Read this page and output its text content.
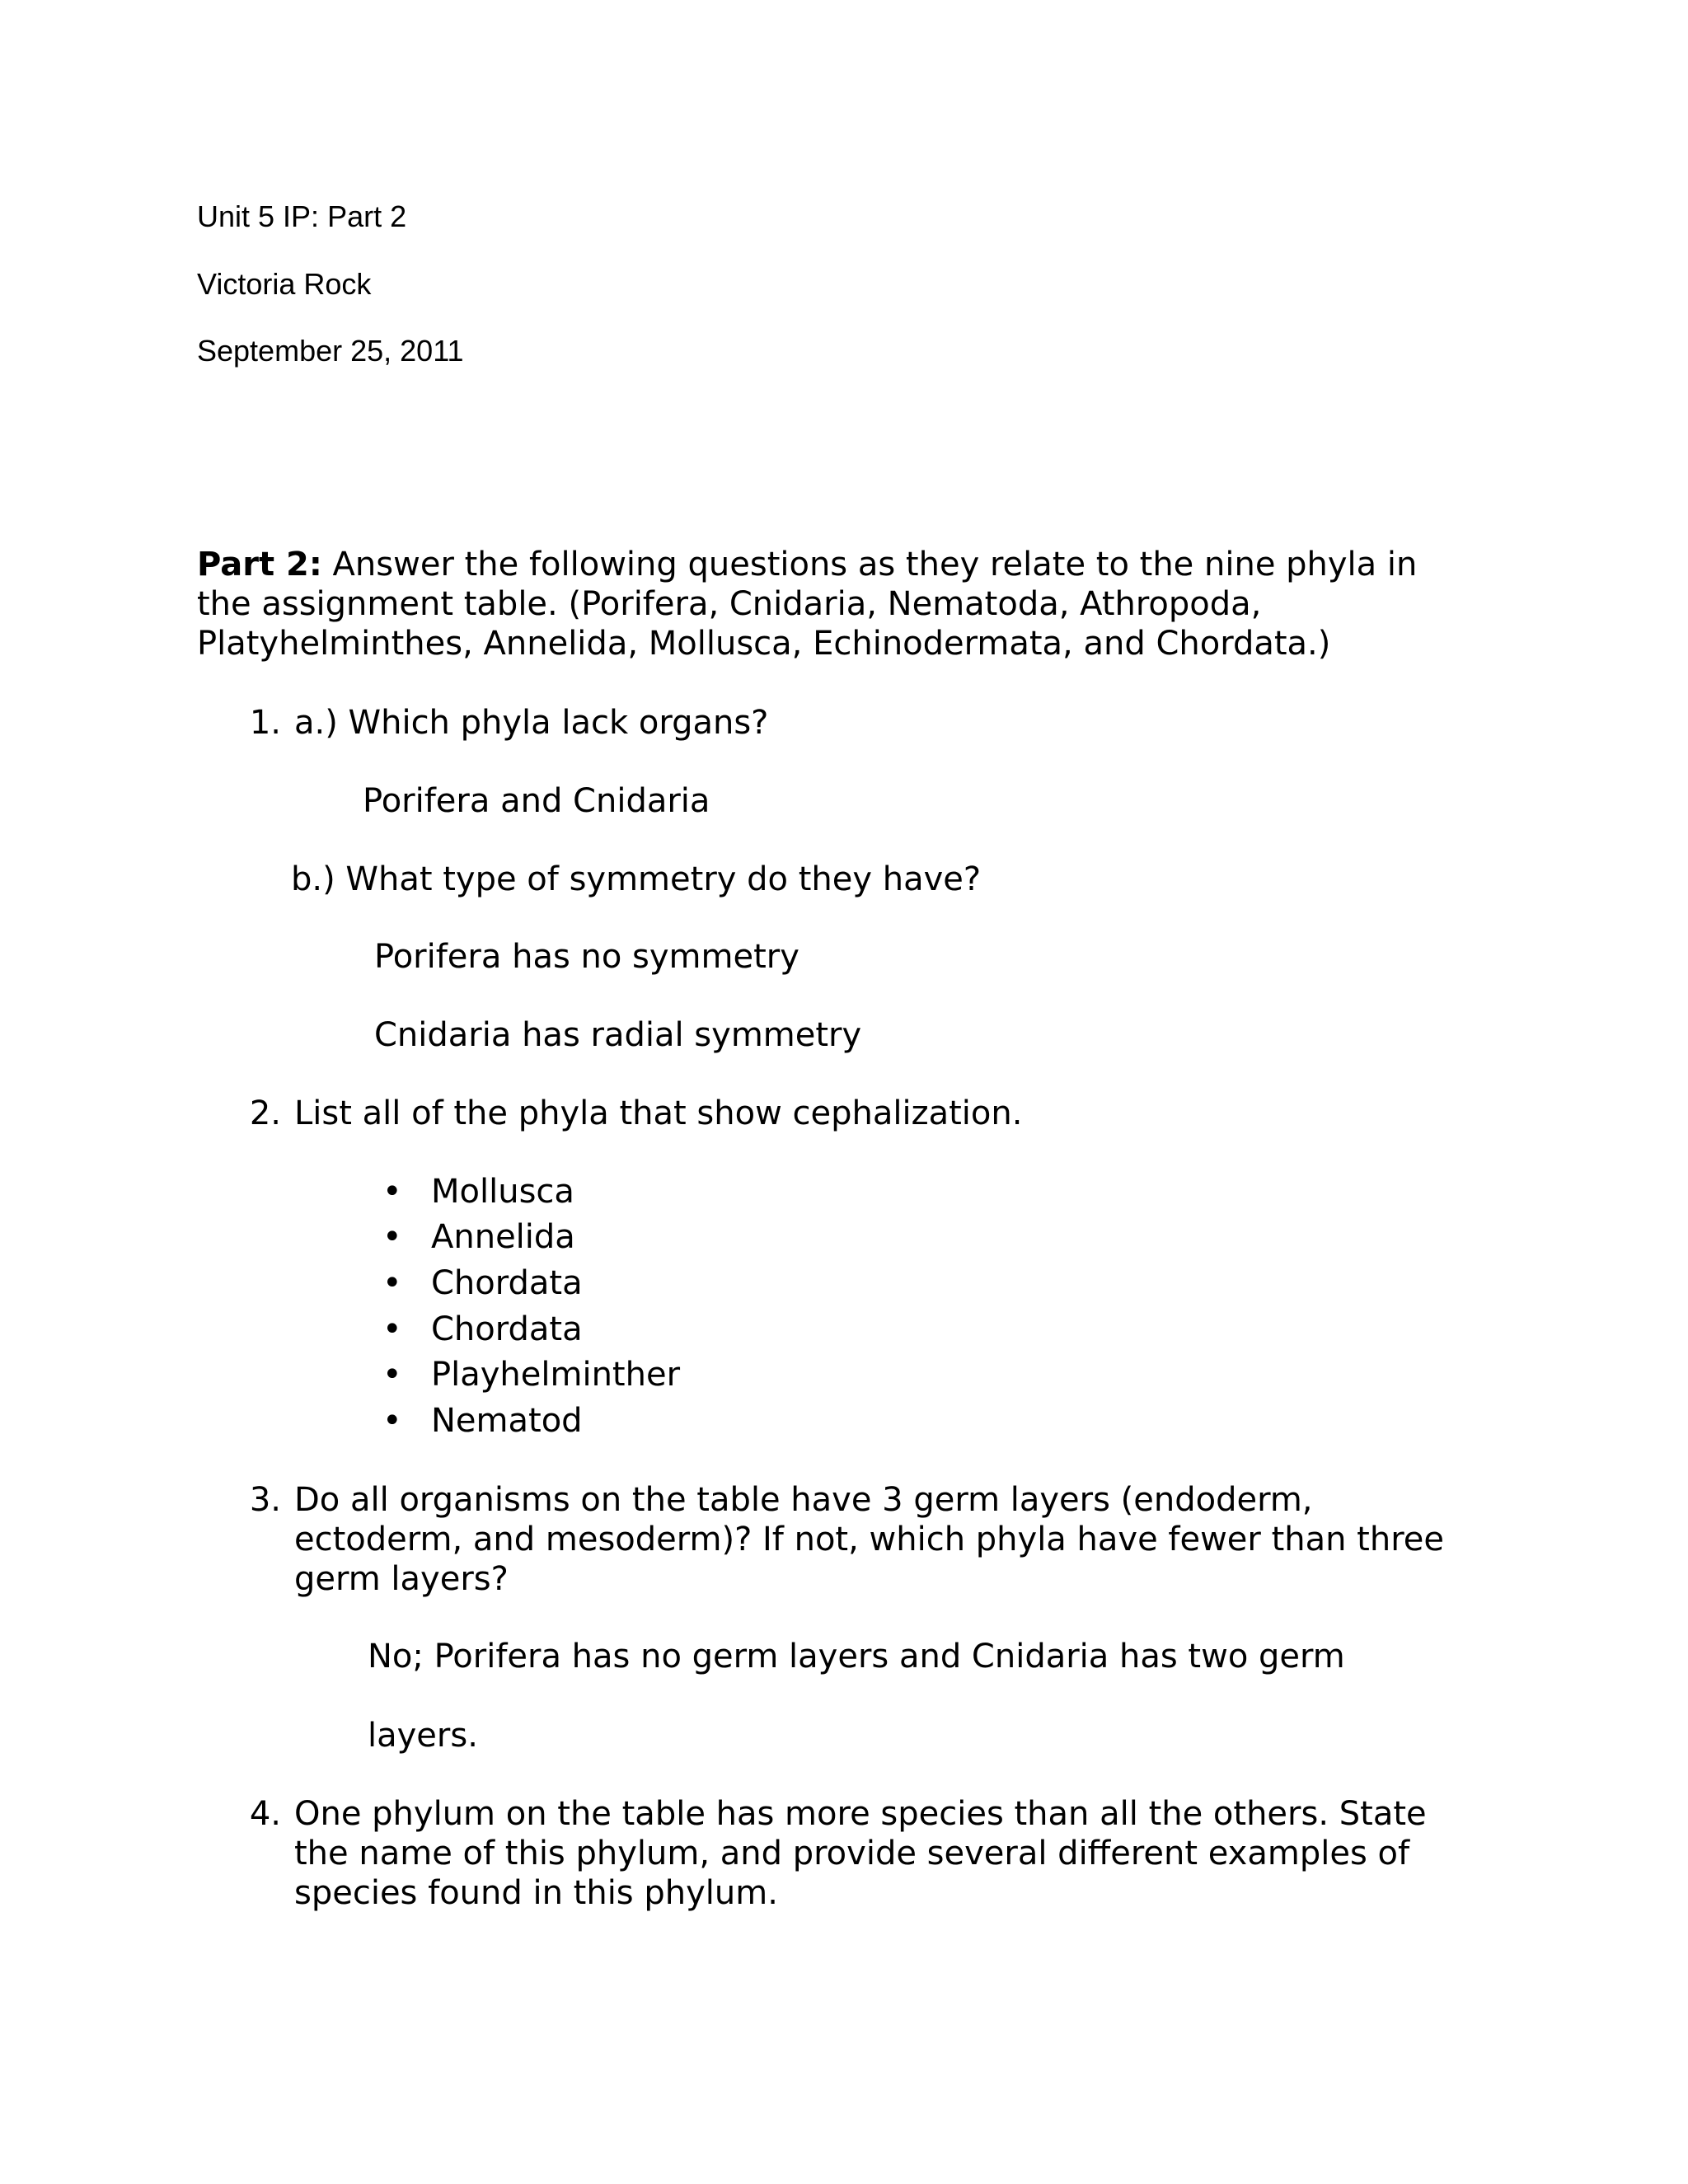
Unit 5 IP: Part 2
Victoria Rock
September 25, 2011
Part 2: Answer the following questions as they relate to the nine phyla in
the assignment table. (Porifera, Cnidaria, Nematoda, Athropoda,
Platyhelminthes, Annelida, Mollusca, Echinodermata, and Chordata.)
1. a.) Which phyla lack organs?
Porifera and Cnidaria
b.) What type of symmetry do they have?
Porifera has no symmetry
Cnidaria has radial symmetry
2. List all of the phyla that show cephalization.
• Mollusca
• Annelida
• Chordata
• Chordata
• Playhelminther
• Nematod
3. Do all organisms on the table have 3 germ layers (endoderm,
ectoderm, and mesoderm)? If not, which phyla have fewer than three
germ layers?
No; Porifera has no germ layers and Cnidaria has two germ
layers.
4. One phylum on the table has more species than all the others. State
the name of this phylum, and provide several different examples of
species found in this phylum.
